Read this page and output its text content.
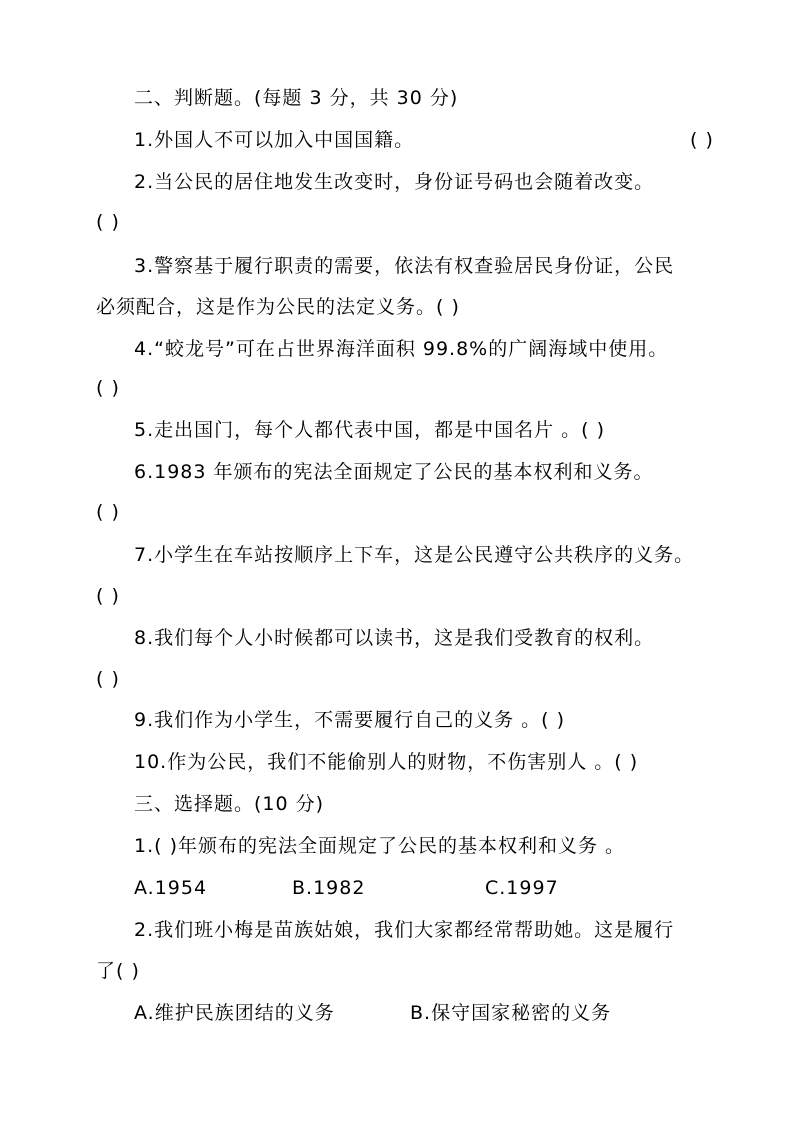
二、判断题。(每题 3 分，共 30 分)
1.外国人不可以加入中国国籍。	( )
2.当公民的居住地发生改变时，身份证号码也会随着改变。
( )
3.警察基于履行职责的需要，依法有权查验居民身份证，公民
必须配合，这是作为公民的法定义务。( )
4.“蛟龙号”可在占世界海洋面积 99.8%的广阔海域中使用。
( )
5.走出国门，每个人都代表中国，都是中国名片 。( )
6.1983 年颁布的宪法全面规定了公民的基本权利和义务。
( )
7.小学生在车站按顺序上下车，这是公民遵守公共秩序的义务。
( )
8.我们每个人小时候都可以读书，这是我们受教育的权利。
( )
9.我们作为小学生，不需要履行自己的义务 。( )
10.作为公民，我们不能偷别人的财物，不伤害别人 。( )
三、选择题。(10 分)
1.( )年颁布的宪法全面规定了公民的基本权利和义务 。
A.1954	B.1982	C.1997
2.我们班小梅是苗族姑娘，我们大家都经常帮助她。这是履行
了( )
A.维护民族团结的义务	B.保守国家秘密的义务
